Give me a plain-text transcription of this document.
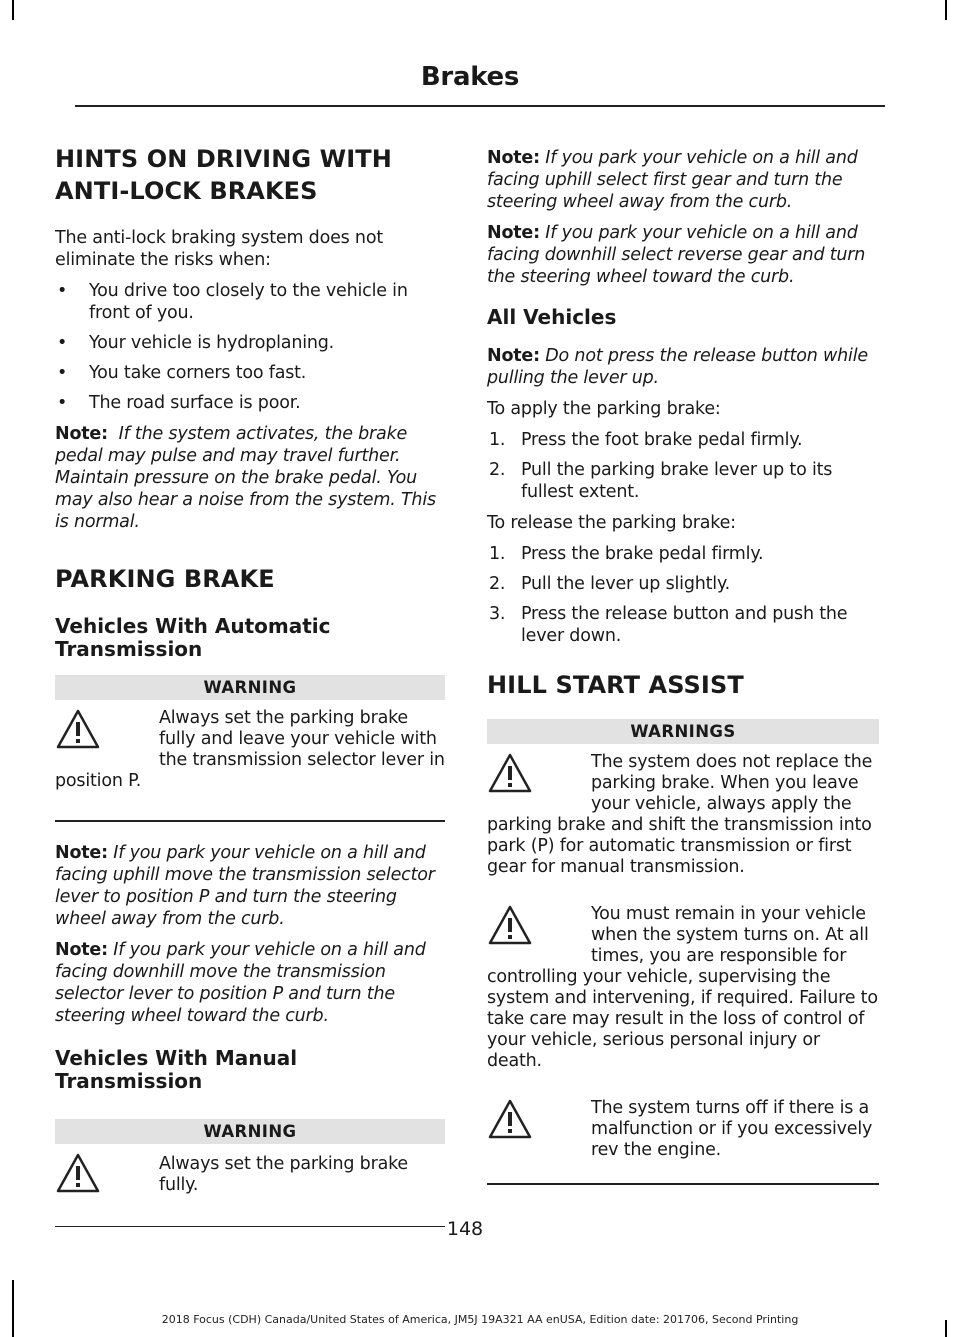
Brakes
HINTS ON DRIVING WITH ANTI-LOCK BRAKES

The anti-lock braking system does not eliminate the risks when:

• You drive too closely to the vehicle in front of you.
• Your vehicle is hydroplaning.
• You take corners too fast.
• The road surface is poor.

Note: If the system activates, the brake pedal may pulse and may travel further. Maintain pressure on the brake pedal. You may also hear a noise from the system. This is normal.

PARKING BRAKE
Vehicles With Automatic Transmission
WARNING
Always set the parking brake fully and leave your vehicle with the transmission selector lever in position P.

Note: If you park your vehicle on a hill and facing uphill move the transmission selector lever to position P and turn the steering wheel away from the curb.

Note: If you park your vehicle on a hill and facing downhill move the transmission selector lever to position P and turn the steering wheel toward the curb.

Vehicles With Manual Transmission
WARNING
Always set the parking brake fully.

Note: If you park your vehicle on a hill and facing uphill select first gear and turn the steering wheel away from the curb.

Note: If you park your vehicle on a hill and facing downhill select reverse gear and turn the steering wheel toward the curb.

All Vehicles

Note: Do not press the release button while pulling the lever up.

To apply the parking brake:

1. Press the foot brake pedal firmly.
2. Pull the parking brake lever up to its fullest extent.

To release the parking brake:

1. Press the brake pedal firmly.
2. Pull the lever up slightly.
3. Press the release button and push the lever down.
HILL START ASSIST
WARNINGS
The system does not replace the parking brake. When you leave your vehicle, always apply the parking brake and shift the transmission into park (P) for automatic transmission or first gear for manual transmission.
You must remain in your vehicle when the system turns on. At all times, you are responsible for controlling your vehicle, supervising the system and intervening, if required. Failure to take care may result in the loss of control of your vehicle, serious personal injury or death.
The system turns off if there is a malfunction or if you excessively rev the engine.
148
2018 Focus (CDH) Canada/United States of America, JM5J 19A321 AA enUSA, Edition date: 201706, Second Printing
